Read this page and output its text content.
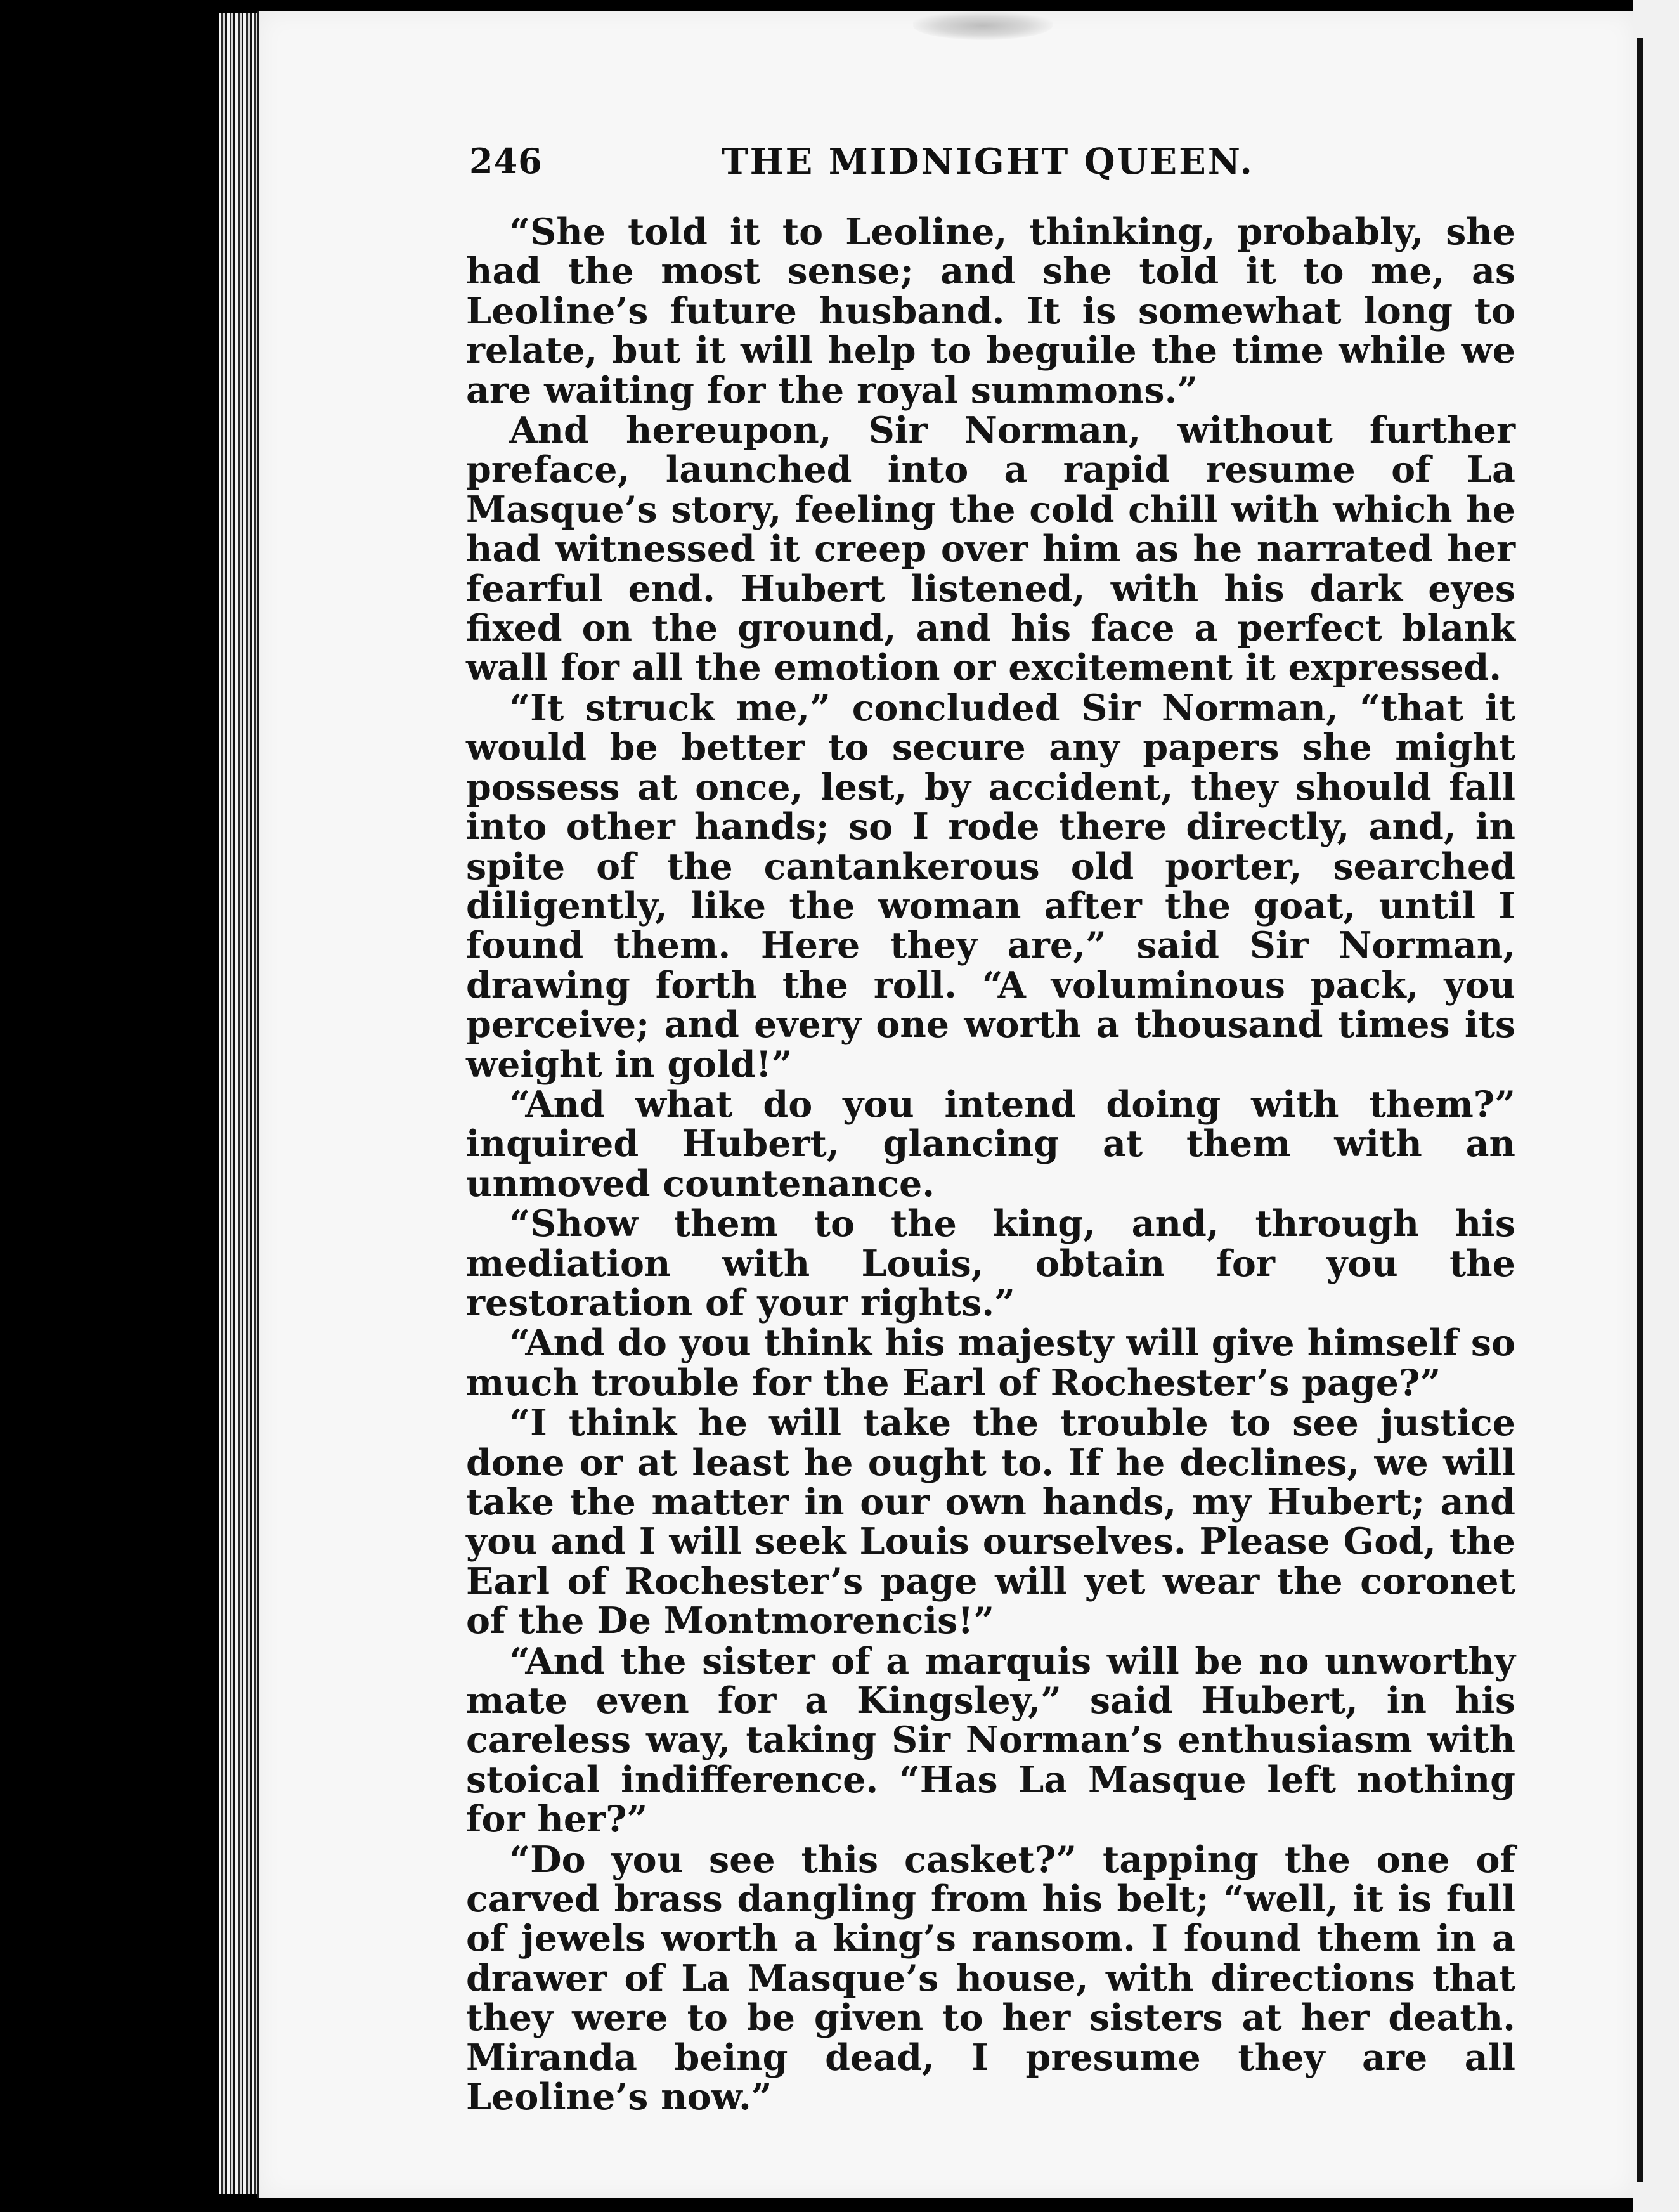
246	THE MIDNIGHT QUEEN.

“She told it to Leoline, thinking, probably, she had the most sense; and she told it to me, as Leoline’s future husband. It is somewhat long to relate, but it will help to beguile the time while we are waiting for the royal summons.”

And hereupon, Sir Norman, without further preface, launched into a rapid resume of La Masque’s story, feeling the cold chill with which he had witnessed it creep over him as he narrated her fearful end. Hubert listened, with his dark eyes fixed on the ground, and his face a perfect blank wall for all the emotion or excitement it expressed.

“It struck me,” concluded Sir Norman, “that it would be better to secure any papers she might possess at once, lest, by accident, they should fall into other hands; so I rode there directly, and, in spite of the cantankerous old porter, searched diligently, like the woman after the goat, until I found them. Here they are,” said Sir Norman, drawing forth the roll. “A voluminous pack, you perceive; and every one worth a thousand times its weight in gold!”

“And what do you intend doing with them?” inquired Hubert, glancing at them with an unmoved countenance.

“Show them to the king, and, through his mediation with Louis, obtain for you the restoration of your rights.”

“And do you think his majesty will give himself so much trouble for the Earl of Rochester’s page?”

“I think he will take the trouble to see justice done or at least he ought to. If he declines, we will take the matter in our own hands, my Hubert; and you and I will seek Louis ourselves. Please God, the Earl of Rochester’s page will yet wear the coronet of the De Montmorencis!”

“And the sister of a marquis will be no unworthy mate even for a Kingsley,” said Hubert, in his careless way, taking Sir Norman’s enthusiasm with stoical indifference. “Has La Masque left nothing for her?”

“Do you see this casket?” tapping the one of carved brass dangling from his belt; “well, it is full of jewels worth a king’s ransom. I found them in a drawer of La Masque’s house, with directions that they were to be given to her sisters at her death. Miranda being dead, I presume they are all Leoline’s now.”
